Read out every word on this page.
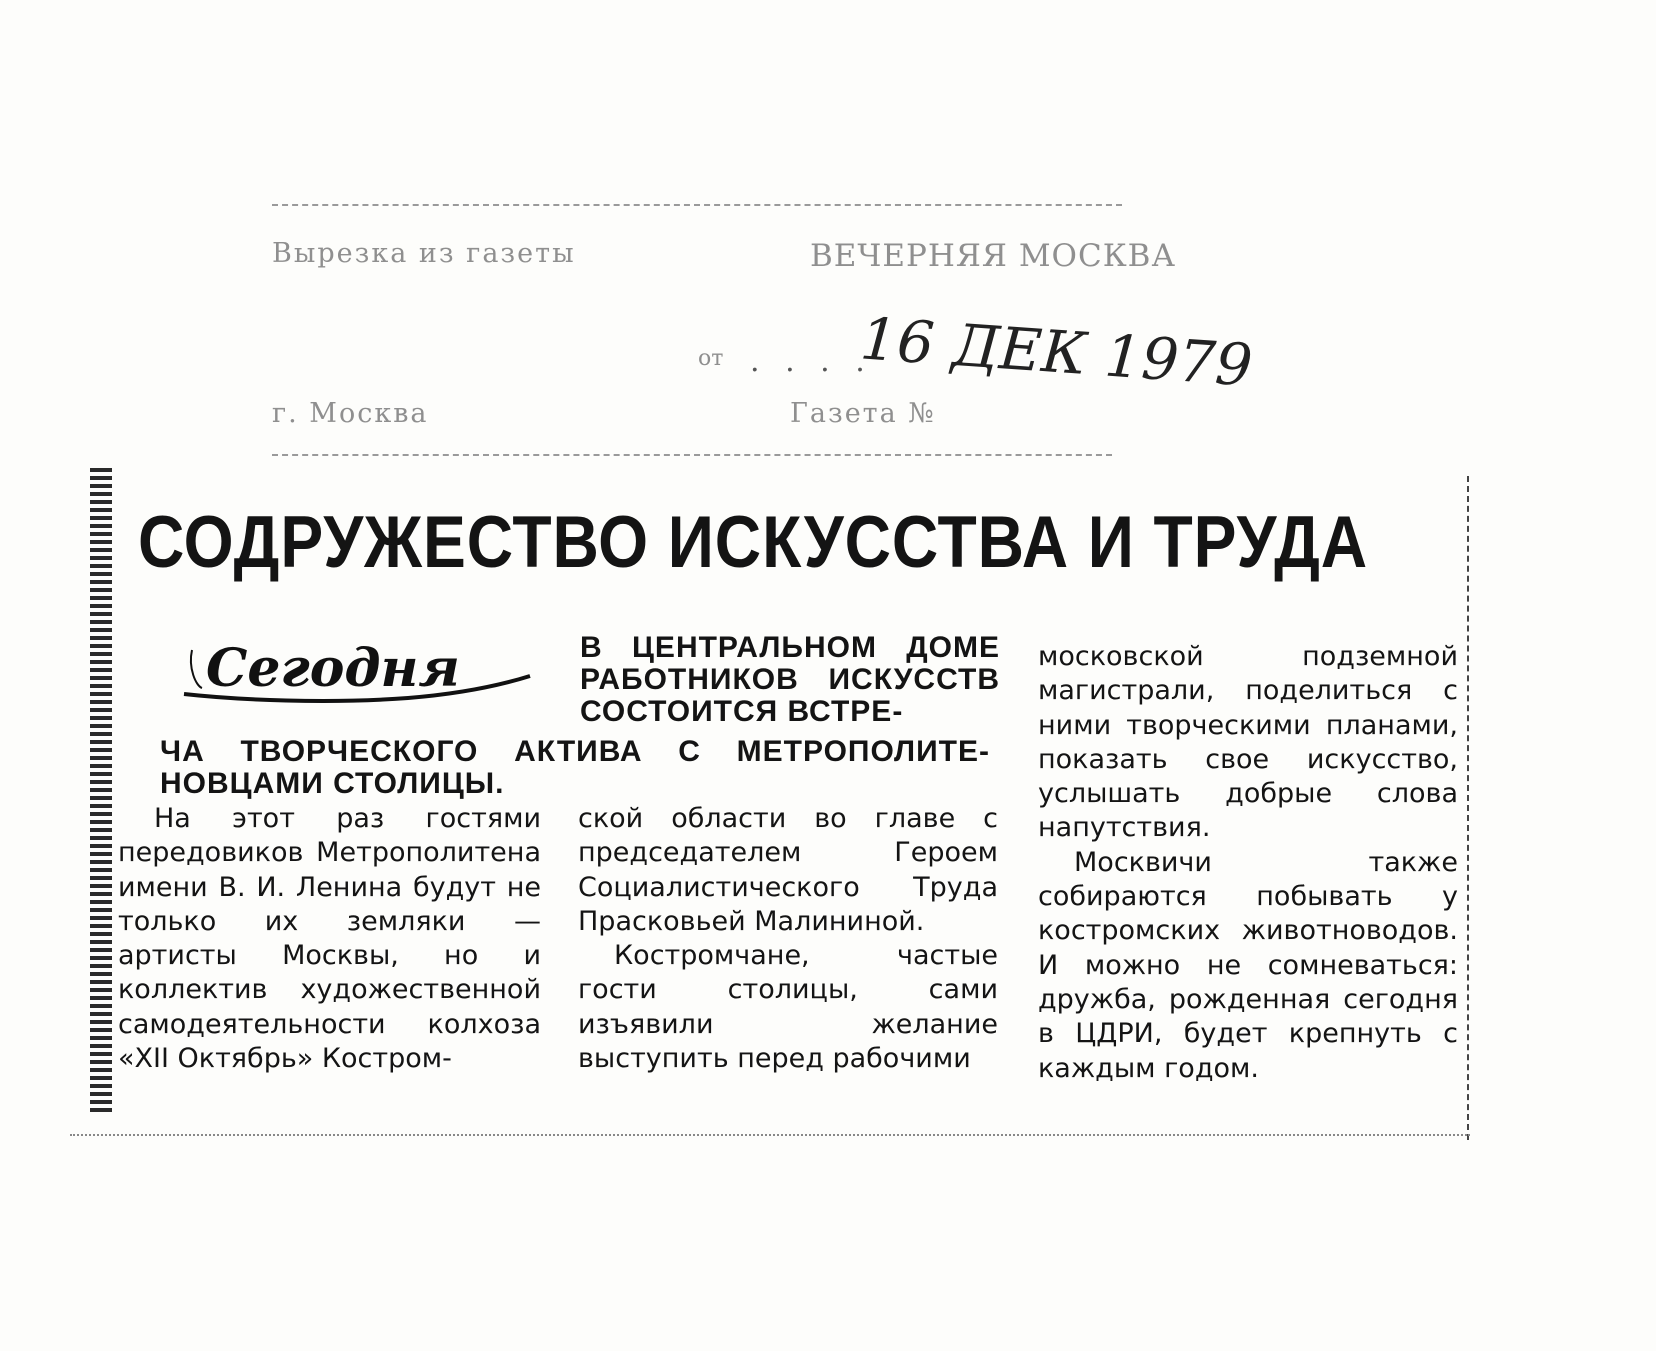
Вырезка из газеты	ВЕЧЕРНЯЯ МОСКВА
от . . . .
16 ДЕК 1979
г. Москва	Газета №
СОДРУЖЕСТВО ИСКУССТВА И ТРУДА
Сегодня	В ЦЕНТРАЛЬНОМ ДОМЕ РАБОТНИКОВ ИСКУССТВ СОСТОИТСЯ ВСТРЕ-

ЧА ТВОРЧЕСКОГО АКТИВА С МЕТРОПОЛИТЕ-НОВЦАМИ СТОЛИЦЫ.

На этот раз гостями передовиков Метрополитена имени В. И. Ленина будут не только их земляки — артисты Москвы, но и коллектив художественной самодеятельности колхоза «XII Октябрь» Костром-

ской области во главе с председателем Героем Социалистического Труда Прасковьей Малининой.

Костромчане, частые гости столицы, сами изъявили желание выступить перед рабочими

московской подземной магистрали, поделиться с ними творческими планами, показать свое искусство, услышать добрые слова напутствия.

Москвичи также собираются побывать у костромских животноводов. И можно не сомневаться: дружба, рожденная сегодня в ЦДРИ, будет крепнуть с каждым годом.
